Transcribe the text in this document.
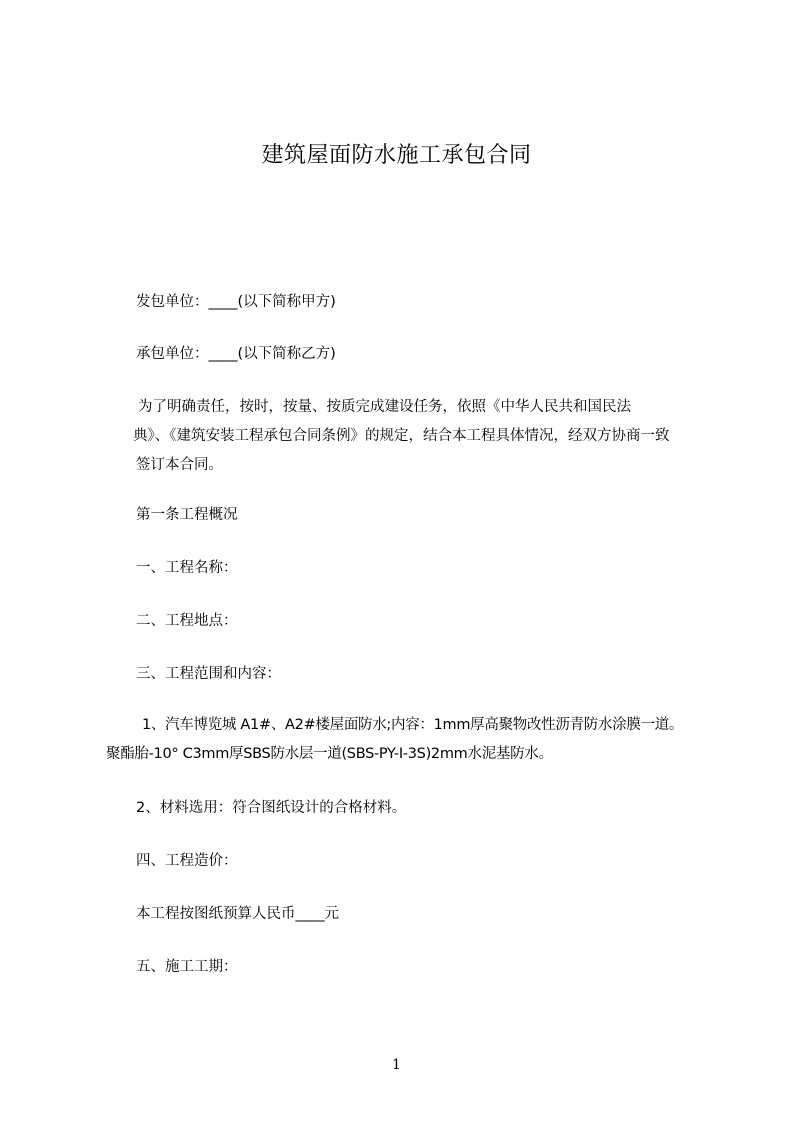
建筑屋面防水施工承包合同
发包单位：____(以下简称甲方)
承包单位：____(以下简称乙方)
为了明确责任，按时，按量、按质完成建设任务，依照《中华人民共和国民法
典》、《建筑安装工程承包合同条例》的规定，结合本工程具体情况，经双方协商一致
签订本合同。
第一条工程概况
一、工程名称：
二、工程地点：
三、工程范围和内容：
1、汽车博览城 A1#、A2#楼屋面防水;内容：1mm厚高聚物改性沥青防水涂膜一道。
聚酯胎-10° C3mm厚SBS防水层一道(SBS-PY-I-3S)2mm水泥基防水。
2、材料选用：符合图纸设计的合格材料。
四、工程造价：
本工程按图纸预算人民币____元
五、施工工期：
1
